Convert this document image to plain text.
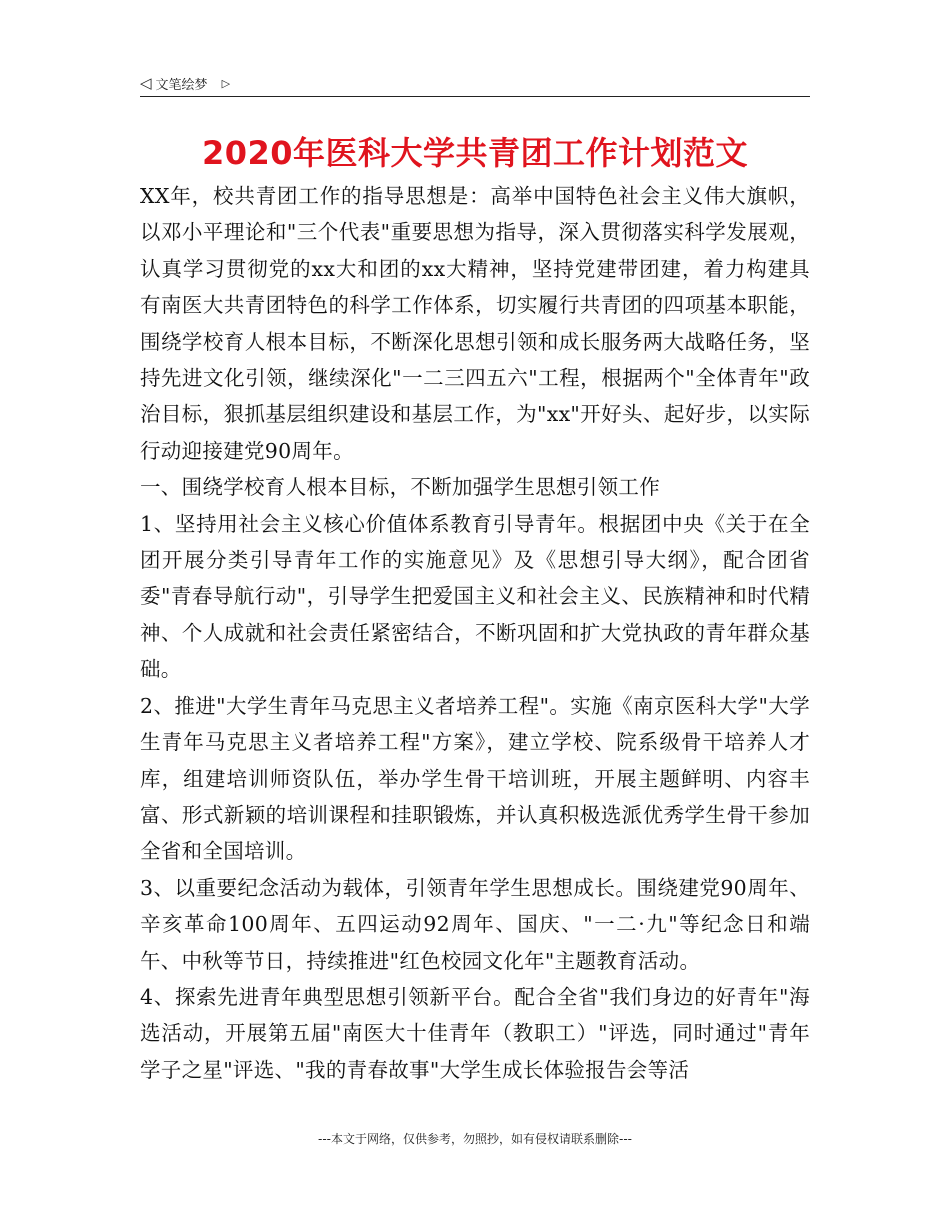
◁ 文笔绘梦 ▷
2020年医科大学共青团工作计划范文

XX年，校共青团工作的指导思想是：高举中国特色社会主义伟大旗帜，以邓小平理论和"三个代表"重要思想为指导，深入贯彻落实科学发展观，认真学习贯彻党的xx大和团的xx大精神，坚持党建带团建，着力构建具有南医大共青团特色的科学工作体系，切实履行共青团的四项基本职能，围绕学校育人根本目标，不断深化思想引领和成长服务两大战略任务，坚持先进文化引领，继续深化"一二三四五六"工程，根据两个"全体青年"政治目标，狠抓基层组织建设和基层工作，为"xx"开好头、起好步，以实际行动迎接建党90周年。

一、围绕学校育人根本目标，不断加强学生思想引领工作

1、坚持用社会主义核心价值体系教育引导青年。根据团中央《关于在全团开展分类引导青年工作的实施意见》及《思想引导大纲》，配合团省委"青春导航行动"，引导学生把爱国主义和社会主义、民族精神和时代精神、个人成就和社会责任紧密结合，不断巩固和扩大党执政的青年群众基础。

2、推进"大学生青年马克思主义者培养工程"。实施《南京医科大学"大学生青年马克思主义者培养工程"方案》，建立学校、院系级骨干培养人才库，组建培训师资队伍，举办学生骨干培训班，开展主题鲜明、内容丰富、形式新颖的培训课程和挂职锻炼，并认真积极选派优秀学生骨干参加全省和全国培训。

3、以重要纪念活动为载体，引领青年学生思想成长。围绕建党90周年、辛亥革命100周年、五四运动92周年、国庆、"一二·九"等纪念日和端午、中秋等节日，持续推进"红色校园文化年"主题教育活动。

4、探索先进青年典型思想引领新平台。配合全省"我们身边的好青年"海选活动，开展第五届"南医大十佳青年（教职工）"评选，同时通过"青年学子之星"评选、"我的青春故事"大学生成长体验报告会等活

---本文于网络，仅供参考，勿照抄，如有侵权请联系删除---
